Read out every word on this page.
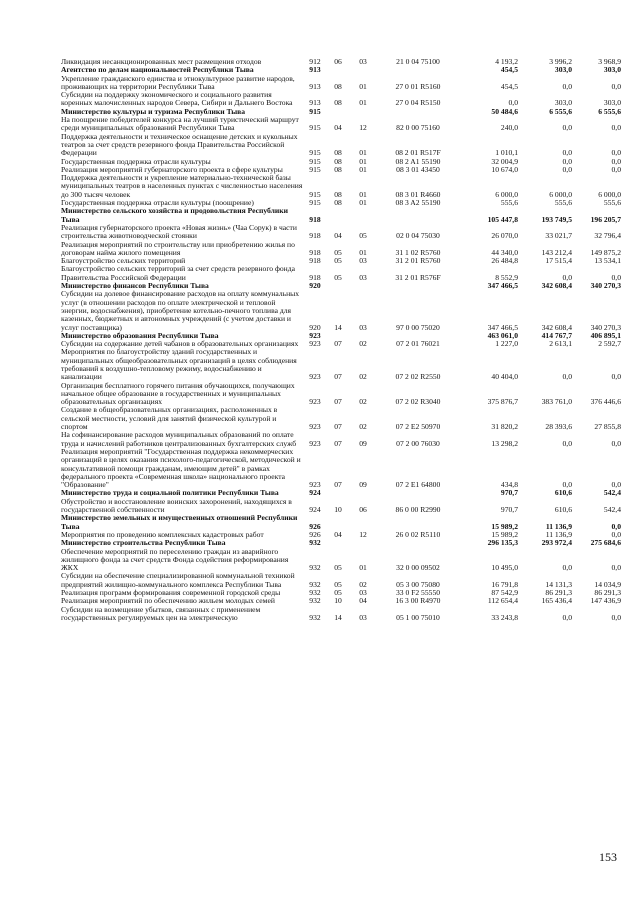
Ликвидация несанкционированных мест размещения отходов	912	06	03	21 0 04 75100	4 193,2	3 996,2	3 968,9
Агентство по делам национальностей Республики Тыва	913				454,5	303,0	303,0
Укрепление гражданского единства и этнокультурное развитие народов, проживающих на территории Республики Тыва	913	08	01	27 0 01 R5160	454,5	0,0	0,0
Субсидии на поддержку экономического и социального развития коренных малочисленных народов Севера, Сибири и Дальнего Востока	913	08	01	27 0 04 R5150	0,0	303,0	303,0
Министерство культуры и туризма Республики Тыва	915				50 484,6	6 555,6	6 555,6
На поощрение победителей конкурса на лучший туристический маршрут среди муниципальных образований Республики Тыва	915	04	12	82 0 00 75160	240,0	0,0	0,0
Поддержка деятельности и техническое оснащение детских и кукольных театров за счет средств резервного фонда Правительства Российской Федерации	915	08	01	08 2 01 R517F	1 010,1	0,0	0,0
Государственная поддержка отрасли культуры	915	08	01	08 2 A1 55190	32 004,9	0,0	0,0
Реализация мероприятий губернаторского проекта в сфере культуры	915	08	01	08 3 01 43450	10 674,0	0,0	0,0
Поддержка деятельности и укрепление материально-технической базы муниципальных театров в населенных пунктах с численностью населения до 300 тысяч человек	915	08	01	08 3 01 R4660	6 000,0	6 000,0	6 000,0
Государственная поддержка отрасли культуры (поощрение)	915	08	01	08 3 A2 55190	555,6	555,6	555,6
Министерство сельского хозяйства и продовольствия Республики Тыва	918				105 447,8	193 749,5	196 205,7
Реализация губернаторского проекта «Новая жизнь» (Чаа Сорук) в части строительства животноводческой стоянки	918	04	05	02 0 04 75030	26 070,0	33 021,7	32 796,4
Реализация мероприятий по строительству или приобретению жилья по договорам найма жилого помещения	918	05	01	31 1 02 R5760	44 340,0	143 212,4	149 875,2
Благоустройство сельских территорий	918	05	03	31 2 01 R5760	26 484,8	17 515,4	13 534,1
Благоустройство сельских территорий за счет средств резервного фонда Правительства Российской Федерации	918	05	03	31 2 01 R576F	8 552,9	0,0	0,0
Министерство финансов Республики Тыва	920				347 466,5	342 608,4	340 270,3
Субсидии на долевое финансирование расходов на оплату коммунальных услуг (в отношении расходов по оплате электрической и тепловой энергии, водоснабжения), приобретение котельно-печного топлива для казенных, бюджетных и автономных учреждений (с учетом доставки и услуг поставщика)	920	14	03	97 0 00 75020	347 466,5	342 608,4	340 270,3
Министерство образования Республики Тыва	923				463 061,0	414 767,7	406 895,1
Субсидии на содержание детей чабанов в образовательных организациях	923	07	02	07 2 01 76021	1 227,0	2 613,1	2 592,7
Мероприятия по благоустройству зданий государственных и муниципальных общеобразовательных организаций в целях соблюдения требований к воздушно-тепловому режиму, водоснабжению и канализации	923	07	02	07 2 02 R2550	40 404,0	0,0	0,0
Организация бесплатного горячего питания обучающихся, получающих начальное общее образование в государственных и муниципальных образовательных организациях	923	07	02	07 2 02 R3040	375 876,7	383 761,0	376 446,6
Создание в общеобразовательных организациях, расположенных в сельской местности, условий для занятий физической культурой и спортом	923	07	02	07 2 E2 50970	31 820,2	28 393,6	27 855,8
На софинансирование расходов муниципальных образований по оплате труда и начислений работников централизованных бухгалтерских служб	923	07	09	07 2 00 76030	13 298,2	0,0	0,0
Реализация мероприятий "Государственная поддержка некоммерческих организаций в целях оказания психолого-педагогической, методической и консультативной помощи гражданам, имеющим детей" в рамках федерального проекта «Современная школа» национального проекта "Образование"	923	07	09	07 2 E1 64800	434,8	0,0	0,0
Министерство труда и социальной политики Республики Тыва	924				970,7	610,6	542,4
Обустройство и восстановление воинских захоронений, находящихся в государственной собственности	924	10	06	86 0 00 R2990	970,7	610,6	542,4
Министерство земельных и имущественных отношений Республики Тыва	926				15 989,2	11 136,9	0,0
Мероприятия по проведению комплексных кадастровых работ	926	04	12	26 0 02 R5110	15 989,2	11 136,9	0,0
Министерство строительства Республики Тыва	932				296 135,3	293 972,4	275 684,6
Обеспечение мероприятий по переселению граждан из аварийного жилищного фонда за счет средств Фонда содействия реформирования ЖКХ	932	05	01	32 0 00 09502	10 495,0	0,0	0,0
Субсидии на обеспечение специализированной коммунальной техникой предприятий жилищно-коммунального комплекса Республики Тыва	932	05	02	05 3 00 75080	16 791,8	14 131,3	14 034,9
Реализация программ формирования современной городской среды	932	05	03	33 0 F2 55550	87 542,9	86 291,3	86 291,3
Реализация мероприятий по обеспечению жильем молодых семей	932	10	04	16 3 00 R4970	112 654,4	165 436,4	147 436,9
Субсидии на возмещение убытков, связанных с применением государственных регулируемых цен на электрическую	932	14	03	05 1 00 75010	33 243,8	0,0	0,0
153
